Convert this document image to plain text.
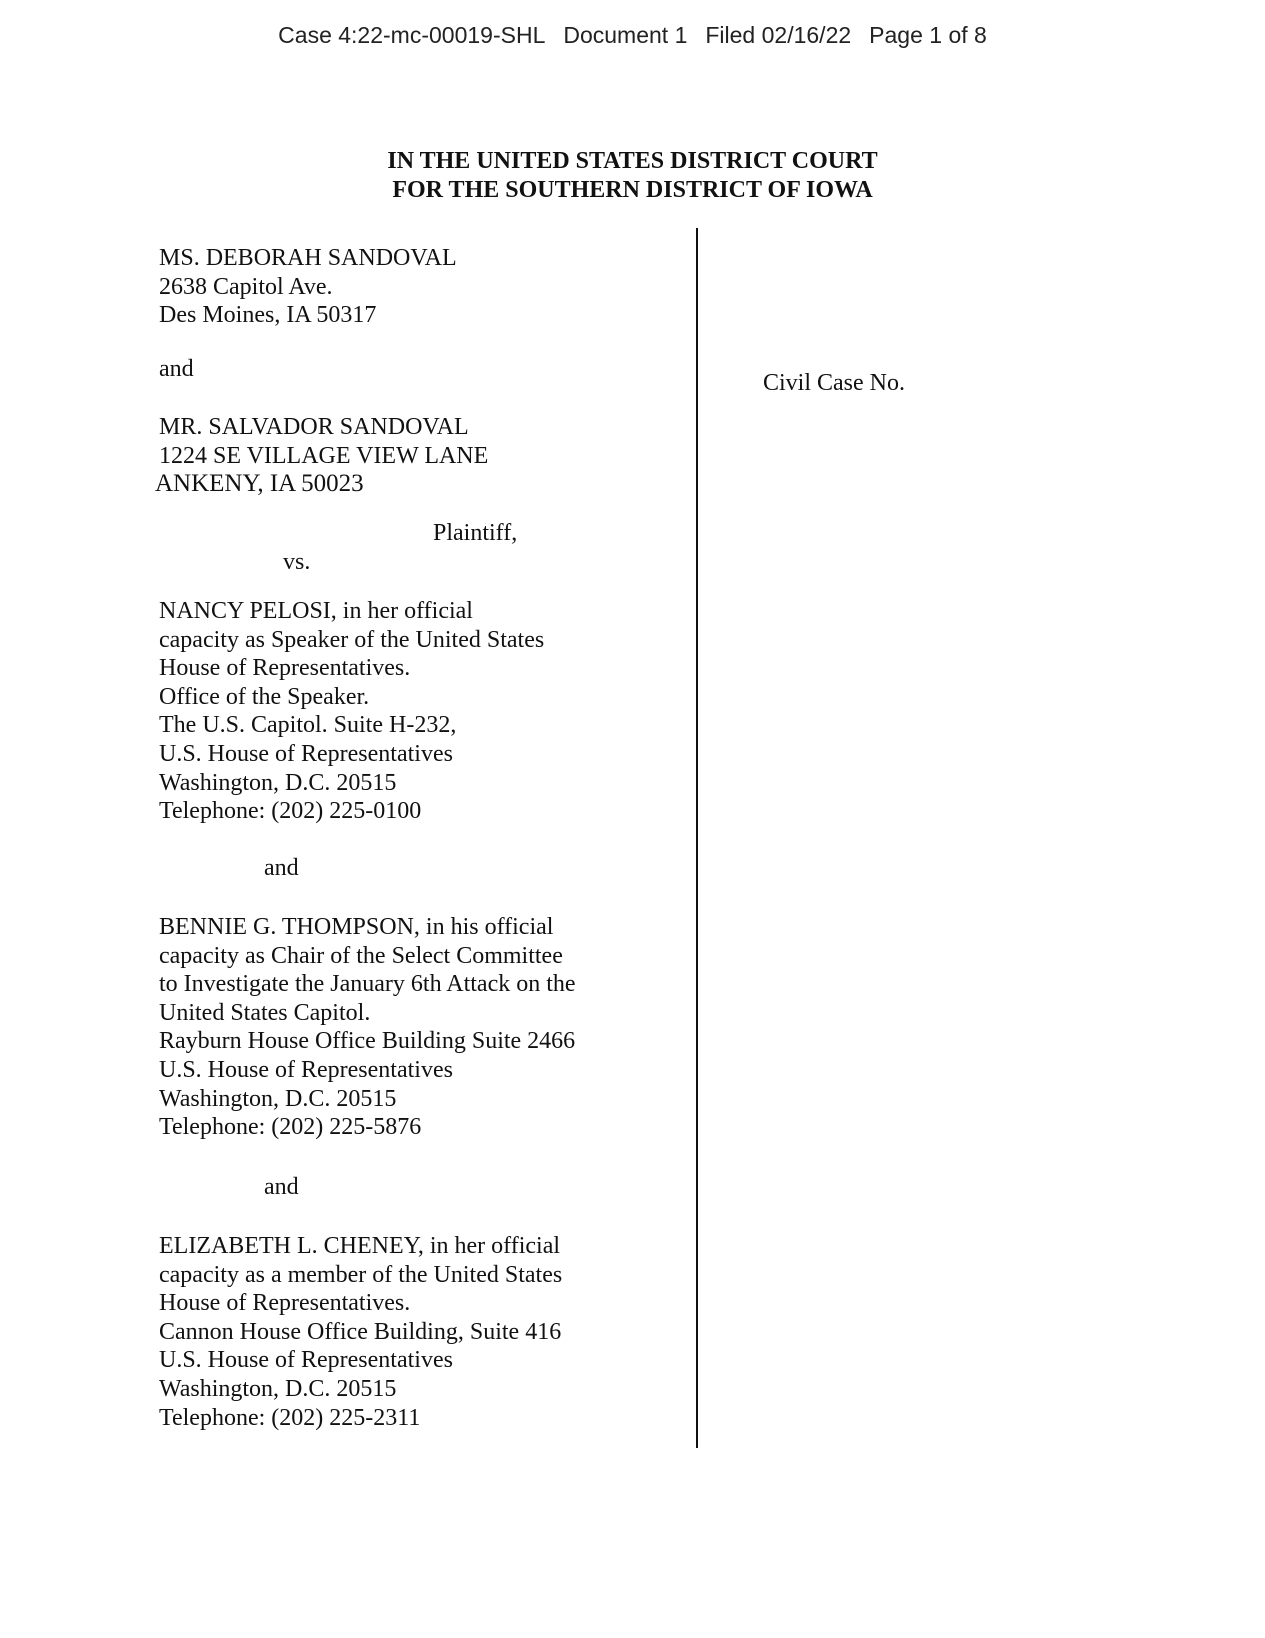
Case 4:22-mc-00019-SHL Document 1 Filed 02/16/22 Page 1 of 8
IN THE UNITED STATES DISTRICT COURT
FOR THE SOUTHERN DISTRICT OF IOWA
MS. DEBORAH SANDOVAL
2638 Capitol Ave.
Des Moines, IA 50317
and
MR. SALVADOR SANDOVAL
1224 SE VILLAGE VIEW LANE
ANKENY, IA 50023
Plaintiff,
vs.
NANCY PELOSI, in her official
capacity as Speaker of the United States
House of Representatives.
Office of the Speaker.
The U.S. Capitol. Suite H-232,
U.S. House of Representatives
Washington, D.C. 20515
Telephone: (202) 225-0100
and
BENNIE G. THOMPSON, in his official
capacity as Chair of the Select Committee
to Investigate the January 6th Attack on the
United States Capitol.
Rayburn House Office Building Suite 2466
U.S. House of Representatives
Washington, D.C. 20515
Telephone: (202) 225-5876
and
ELIZABETH L. CHENEY, in her official
capacity as a member of the United States
House of Representatives.
Cannon House Office Building, Suite 416
U.S. House of Representatives
Washington, D.C. 20515
Telephone: (202) 225-2311
Civil Case No.
